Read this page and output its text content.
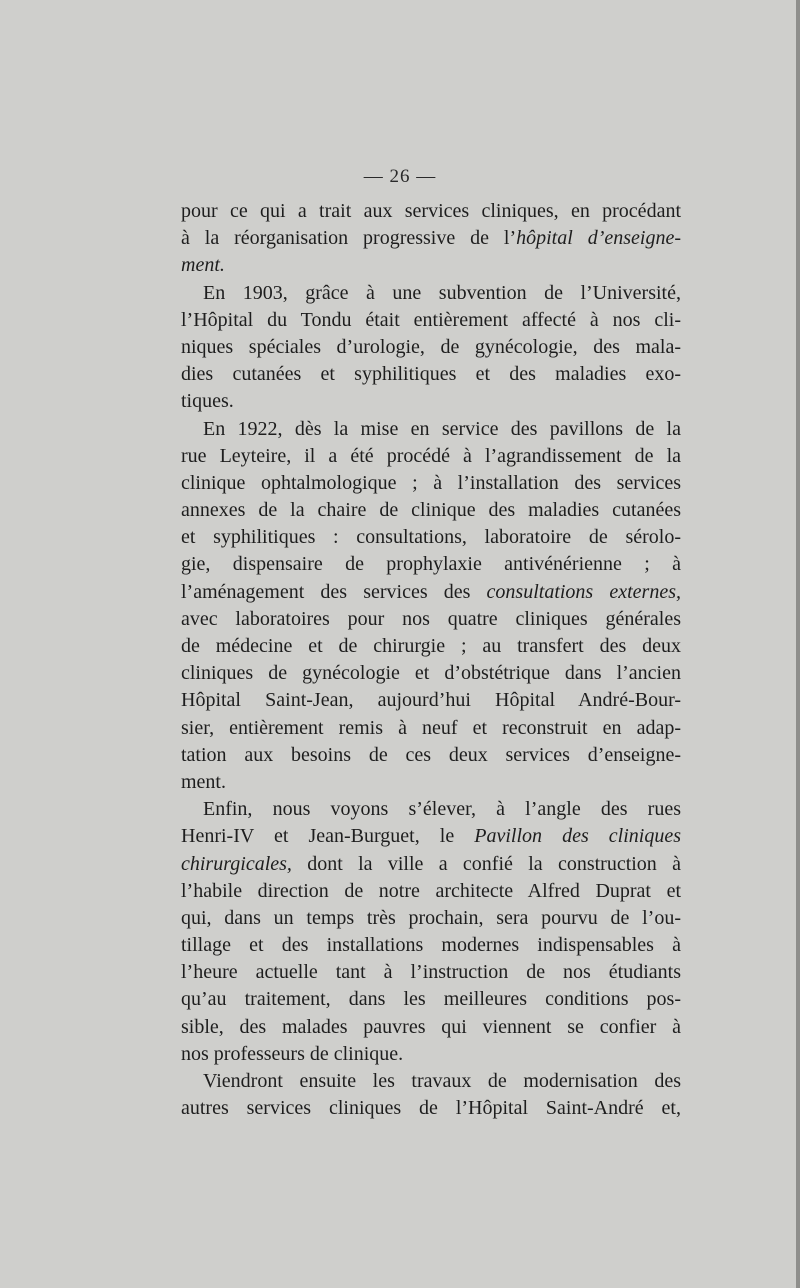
— 26 —
pour ce qui a trait aux services cliniques, en procédant
à la réorganisation progressive de l’hôpital d’enseigne-
ment.
En 1903, grâce à une subvention de l’Université,
l’Hôpital du Tondu était entièrement affecté à nos cli-
niques spéciales d’urologie, de gynécologie, des mala-
dies cutanées et syphilitiques et des maladies exo-
tiques.
En 1922, dès la mise en service des pavillons de la
rue Leyteire, il a été procédé à l’agrandissement de la
clinique ophtalmologique ; à l’installation des services
annexes de la chaire de clinique des maladies cutanées
et syphilitiques : consultations, laboratoire de sérolo-
gie, dispensaire de prophylaxie antivénérienne ; à
l’aménagement des services des consultations externes,
avec laboratoires pour nos quatre cliniques générales
de médecine et de chirurgie ; au transfert des deux
cliniques de gynécologie et d’obstétrique dans l’ancien
Hôpital Saint-Jean, aujourd’hui Hôpital André-Bour-
sier, entièrement remis à neuf et reconstruit en adap-
tation aux besoins de ces deux services d’enseigne-
ment.
Enfin, nous voyons s’élever, à l’angle des rues
Henri-IV et Jean-Burguet, le Pavillon des cliniques
chirurgicales, dont la ville a confié la construction à
l’habile direction de notre architecte Alfred Duprat et
qui, dans un temps très prochain, sera pourvu de l’ou-
tillage et des installations modernes indispensables à
l’heure actuelle tant à l’instruction de nos étudiants
qu’au traitement, dans les meilleures conditions pos-
sible, des malades pauvres qui viennent se confier à
nos professeurs de clinique.
Viendront ensuite les travaux de modernisation des
autres services cliniques de l’Hôpital Saint-André et,
